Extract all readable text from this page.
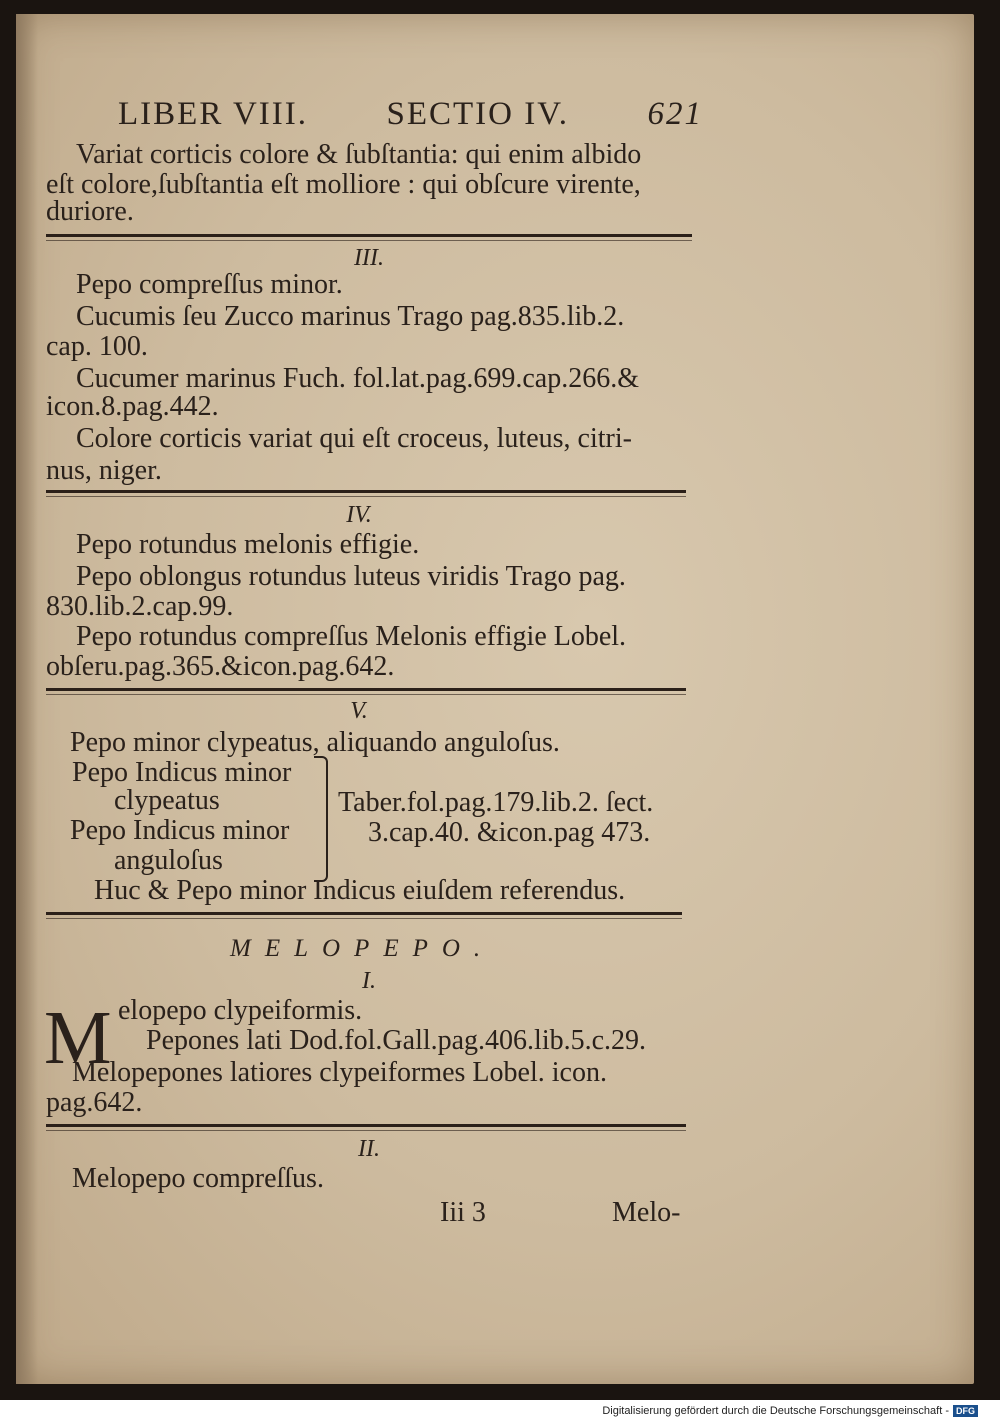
LIBER VIII. SECTIO IV. 621
Variat corticis colore & ſubſtantia: qui enim albido
eſt colore,ſubſtantia eſt molliore : qui obſcure virente,
duriore.
III.
Pepo compreſſus minor.
Cucumis ſeu Zucco marinus Trago pag.835.lib.2.
cap. 100.
Cucumer marinus Fuch. fol.lat.pag.699.cap.266.&
icon.8.pag.442.
Colore corticis variat qui eſt croceus, luteus, citri-
nus, niger.
IV.
Pepo rotundus melonis effigie.
Pepo oblongus rotundus luteus viridis Trago pag.
830.lib.2.cap.99.
Pepo rotundus compreſſus Melonis effigie Lobel.
obſeru.pag.365.&icon.pag.642.
V.
Pepo minor clypeatus, aliquando anguloſus.
Pepo Indicus minor
clypeatus
Pepo Indicus minor
anguloſus
Taber.fol.pag.179.lib.2. ſect.
3.cap.40. &icon.pag 473.
Huc & Pepo minor Indicus eiuſdem referendus.
MELOPEPO.
I.
M elopepo clypeiformis.
Pepones lati Dod.fol.Gall.pag.406.lib.5.c.29.
Melopepones latiores clypeiformes Lobel. icon.
pag.642.
II.
Melopepo compreſſus.
Iii 3	Melo-
Digitalisierung gefördert durch die Deutsche Forschungsgemeinschaft - DFG
